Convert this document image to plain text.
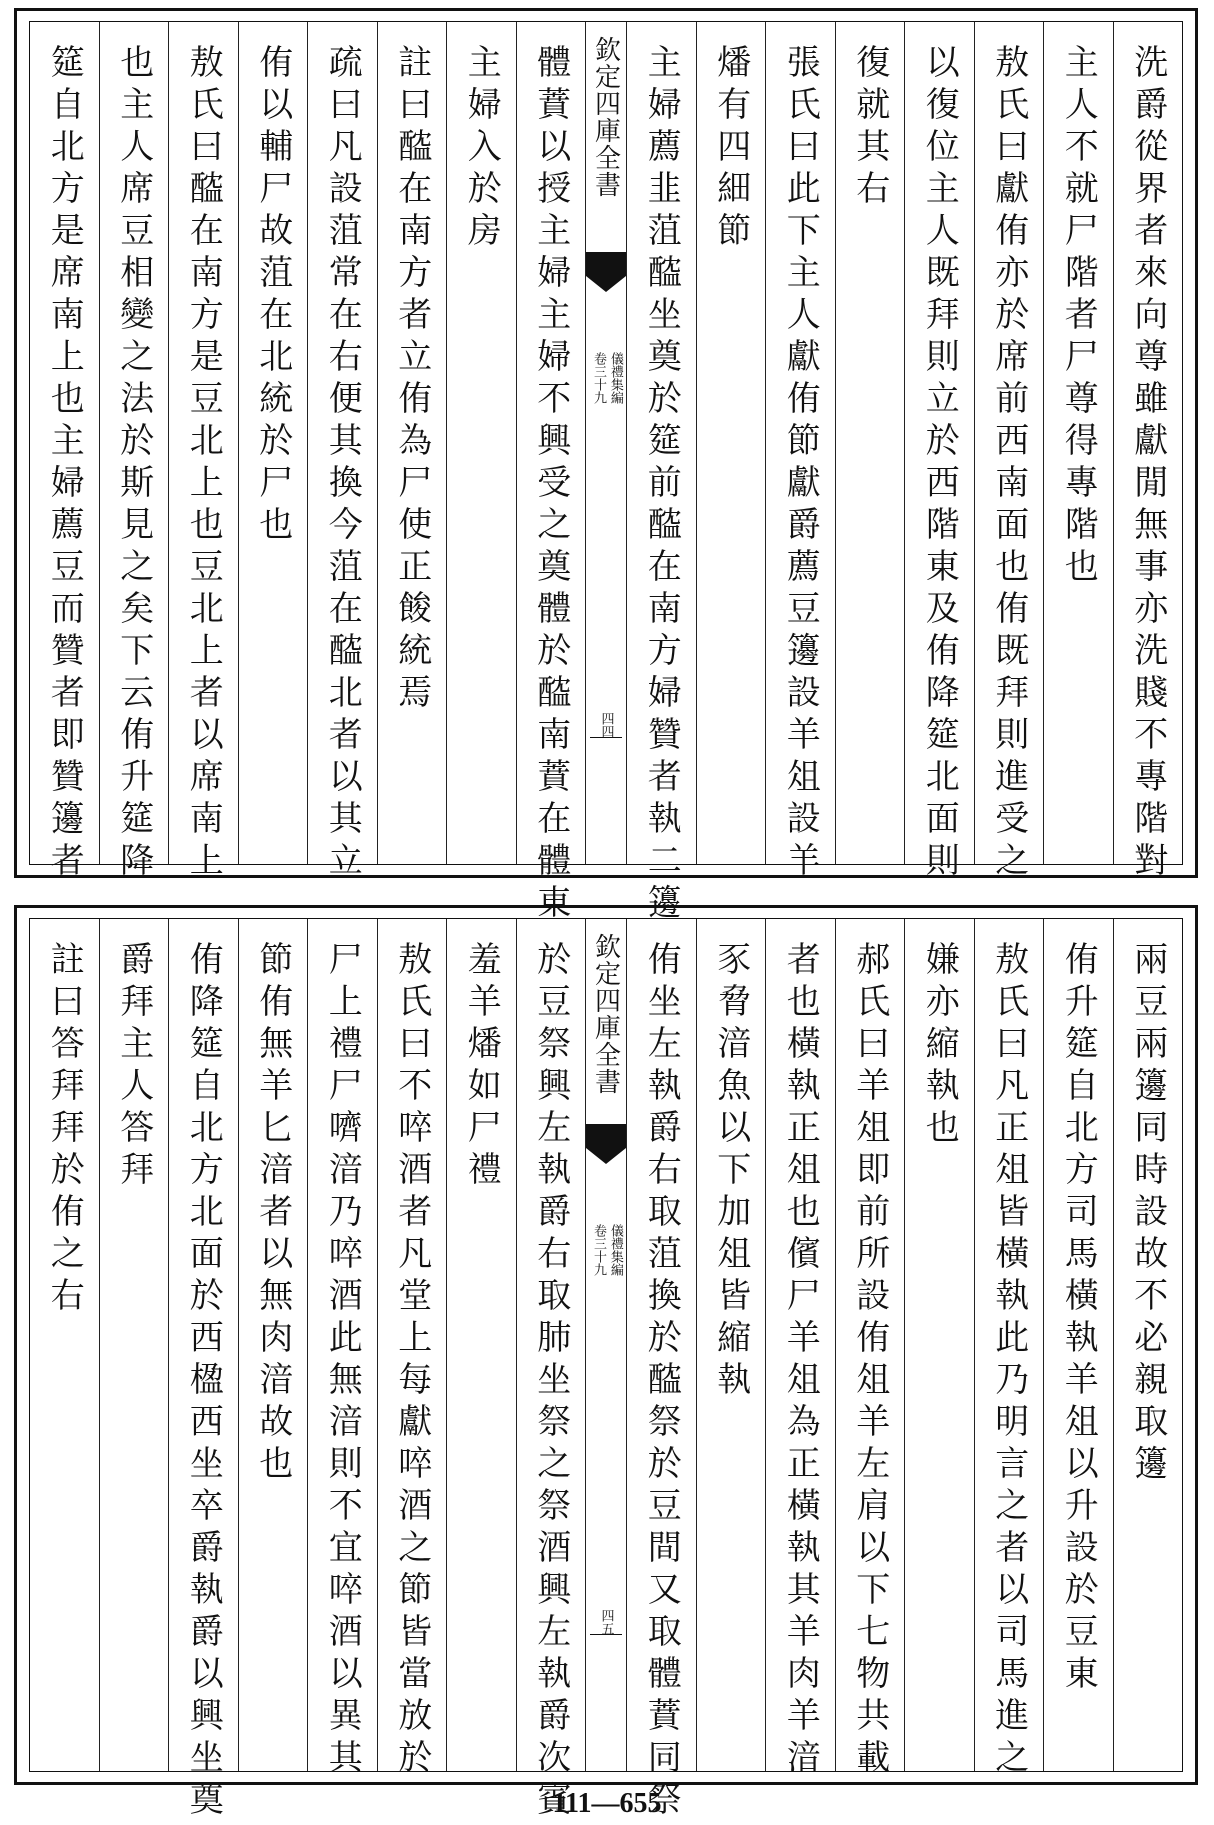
洗爵從界者來向尊雖獻閒無事亦洗賤不專階對
主人不就尸階者尸尊得專階也
敖氏曰獻侑亦於席前西南面也侑既拜則進受之
以復位主人既拜則立於西階東及侑降筵北面則
復就其右
張氏曰此下主人獻侑節獻爵薦豆籩設羊俎設羊
燔有四細節
主婦薦韭菹醓坐奠於筵前醓在南方婦贊者執二籩
欽定四庫全書
儀禮集編
卷三十九
四四
體蕡以授主婦主婦不興受之奠體於醓南蕡在體東
主婦入於房
註曰醓在南方者立侑為尸使正餕統焉
疏曰凡設菹常在右便其換今菹在醓北者以其立
侑以輔尸故菹在北統於尸也
敖氏曰醓在南方是豆北上也豆北上者以席南上
也主人席豆相變之法於斯見之矣下云侑升筵降
筵自北方是席南上也主婦薦豆而贊者即贊籩者
兩豆兩籩同時設故不必親取籩
侑升筵自北方司馬橫執羊俎以升設於豆東
敖氏曰凡正俎皆橫執此乃明言之者以司馬進之
嫌亦縮執也
郝氏曰羊俎即前所設侑俎羊左肩以下七物共載
者也橫執正俎也儐尸羊俎為正橫執其羊肉羊湆
豕脅湆魚以下加俎皆縮執
侑坐左執爵右取菹換於醓祭於豆間又取體蕡同祭
欽定四庫全書
儀禮集編
卷三十九
四五
於豆祭興左執爵右取肺坐祭之祭酒興左執爵次賓
羞羊燔如尸禮
敖氏曰不啐酒者凡堂上每獻啐酒之節皆當放於
尸上禮尸嚌湆乃啐酒此無湆則不宜啐酒以異其
節侑無羊匕湆者以無肉湆故也
侑降筵自北方北面於西楹西坐卒爵執爵以興坐奠
爵拜主人答拜
註曰答拜拜於侑之右
111—655
